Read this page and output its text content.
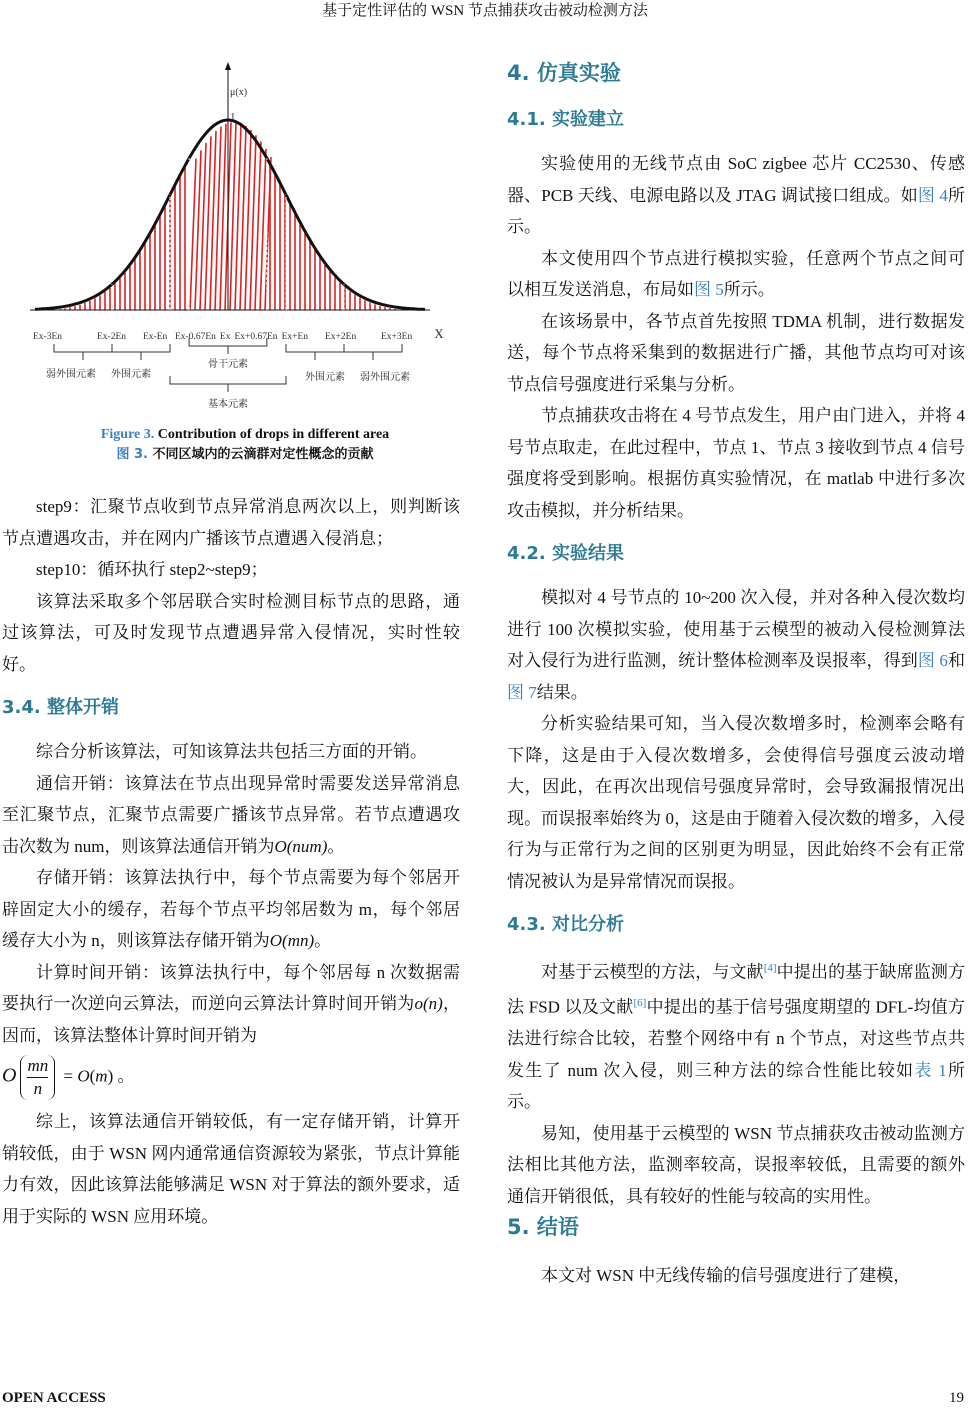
基于定性评估的 WSN 节点捕获攻击被动检测方法
μ(x)
1
X
Ex-3En	Ex-2En Ex-En Ex-0.67En Ex Ex+0.67En Ex+En Ex+2En	Ex+3En
弱外围元素 外围元素
骨干元素
基本元素
外围元素 弱外围元素
Figure 3. Contribution of drops in different area
图 3. 不同区域内的云滴群对定性概念的贡献

step9：汇聚节点收到节点异常消息两次以上，则判断该节点遭遇攻击，并在网内广播该节点遭遇入侵消息；

step10：循环执行 step2~step9；

该算法采取多个邻居联合实时检测目标节点的思路，通过该算法，可及时发现节点遭遇异常入侵情况，实时性较好。

3.4. 整体开销

综合分析该算法，可知该算法共包括三方面的开销。

通信开销：该算法在节点出现异常时需要发送异常消息至汇聚节点，汇聚节点需要广播该节点异常。若节点遭遇攻击次数为 num，则该算法通信开销为O(num)。

存储开销：该算法执行中，每个节点需要为每个邻居开辟固定大小的缓存，若每个节点平均邻居数为 m，每个邻居缓存大小为 n，则该算法存储开销为O(mn)。

计算时间开销：该算法执行中，每个邻居每 n 次数据需要执行一次逆向云算法，而逆向云算法计算时间开销为o(n)，因而，该算法整体计算时间开销为

O $\frac{mn}{n} = O(m)$ 。

综上，该算法通信开销较低，有一定存储开销，计算开销较低，由于 WSN 网内通常通信资源较为紧张，节点计算能力有效，因此该算法能够满足 WSN 对于算法的额外要求，适用于实际的 WSN 应用环境。

4. 仿真实验
4.1. 实验建立

实验使用的无线节点由 SoC zigbee 芯片 CC2530、传感器、PCB 天线、电源电路以及 JTAG 调试接口组成。如图 4所示。

本文使用四个节点进行模拟实验，任意两个节点之间可以相互发送消息，布局如图 5所示。

在该场景中，各节点首先按照 TDMA 机制，进行数据发送，每个节点将采集到的数据进行广播，其他节点均可对该节点信号强度进行采集与分析。

节点捕获攻击将在 4 号节点发生，用户由门进入，并将 4 号节点取走，在此过程中，节点 1、节点 3 接收到节点 4 信号强度将受到影响。根据仿真实验情况，在 matlab 中进行多次攻击模拟，并分析结果。

4.2. 实验结果

模拟对 4 号节点的 10~200 次入侵，并对各种入侵次数均进行 100 次模拟实验，使用基于云模型的被动入侵检测算法对入侵行为进行监测，统计整体检测率及误报率，得到图 6和图 7结果。

分析实验结果可知，当入侵次数增多时，检测率会略有下降，这是由于入侵次数增多，会使得信号强度云波动增大，因此，在再次出现信号强度异常时，会导致漏报情况出现。而误报率始终为 0，这是由于随着入侵次数的增多，入侵行为与正常行为之间的区别更为明显，因此始终不会有正常情况被认为是异常情况而误报。

4.3. 对比分析

对基于云模型的方法，与文献[4]中提出的基于缺席监测方法 FSD 以及文献[6]中提出的基于信号强度期望的 DFL-均值方法进行综合比较，若整个网络中有 n 个节点，对这些节点共发生了 num 次入侵，则三种方法的综合性能比较如表 1所示。

易知，使用基于云模型的 WSN 节点捕获攻击被动监测方法相比其他方法，监测率较高，误报率较低，且需要的额外通信开销很低，具有较好的性能与较高的实用性。

5. 结语

本文对 WSN 中无线传输的信号强度进行了建模，

OPEN ACCESS	19
